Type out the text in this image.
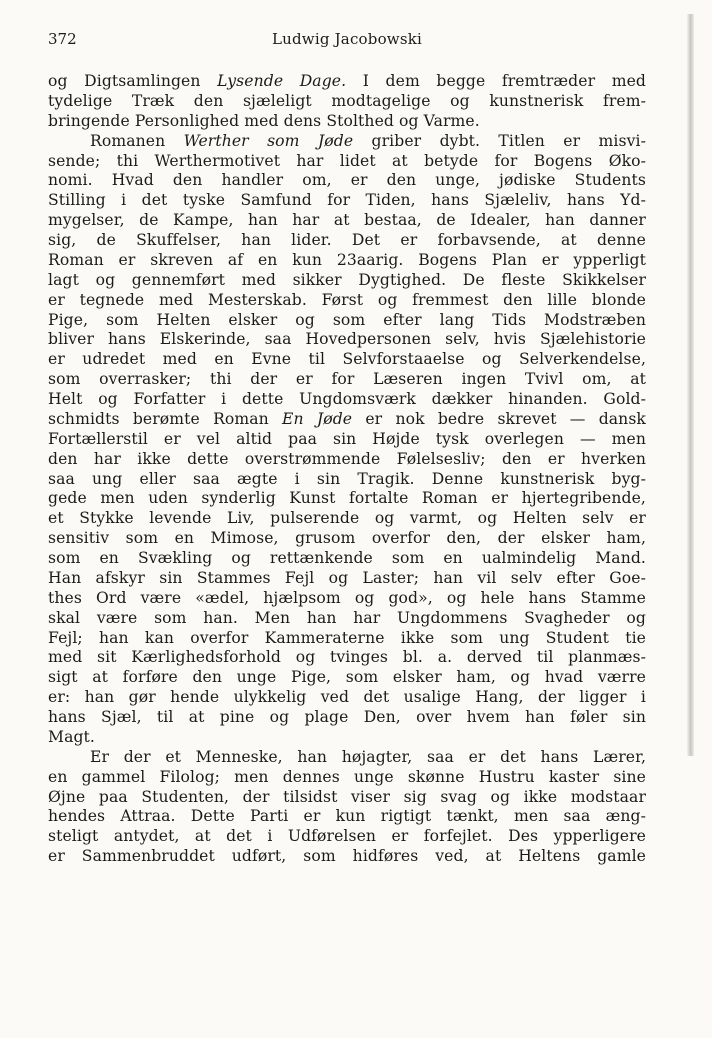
372	Ludwig Jacobowski
og Digtsamlingen Lysende Dage. I dem begge fremtræder med
tydelige Træk den sjæleligt modtagelige og kunstnerisk frem-
bringende Personlighed med dens Stolthed og Varme.
Romanen Werther som Jøde griber dybt. Titlen er misvi-
sende; thi Werthermotivet har lidet at betyde for Bogens Øko-
nomi. Hvad den handler om, er den unge, jødiske Students
Stilling i det tyske Samfund for Tiden, hans Sjæleliv, hans Yd-
mygelser, de Kampe, han har at bestaa, de Idealer, han danner
sig, de Skuffelser, han lider. Det er forbavsende, at denne
Roman er skreven af en kun 23aarig. Bogens Plan er ypperligt
lagt og gennemført med sikker Dygtighed. De fleste Skikkelser
er tegnede med Mesterskab. Først og fremmest den lille blonde
Pige, som Helten elsker og som efter lang Tids Modstræben
bliver hans Elskerinde, saa Hovedpersonen selv, hvis Sjælehistorie
er udredet med en Evne til Selvforstaaelse og Selverkendelse,
som overrasker; thi der er for Læseren ingen Tvivl om, at
Helt og Forfatter i dette Ungdomsværk dækker hinanden. Gold-
schmidts berømte Roman En Jøde er nok bedre skrevet — dansk
Fortællerstil er vel altid paa sin Højde tysk overlegen — men
den har ikke dette overstrømmende Følelsesliv; den er hverken
saa ung eller saa ægte i sin Tragik. Denne kunstnerisk byg-
gede men uden synderlig Kunst fortalte Roman er hjertegribende,
et Stykke levende Liv, pulserende og varmt, og Helten selv er
sensitiv som en Mimose, grusom overfor den, der elsker ham,
som en Svækling og rettænkende som en ualmindelig Mand.
Han afskyr sin Stammes Fejl og Laster; han vil selv efter Goe-
thes Ord være «ædel, hjælpsom og god», og hele hans Stamme
skal være som han. Men han har Ungdommens Svagheder og
Fejl; han kan overfor Kammeraterne ikke som ung Student tie
med sit Kærlighedsforhold og tvinges bl. a. derved til planmæs-
sigt at forføre den unge Pige, som elsker ham, og hvad værre
er: han gør hende ulykkelig ved det usalige Hang, der ligger i
hans Sjæl, til at pine og plage Den, over hvem han føler sin
Magt.
Er der et Menneske, han højagter, saa er det hans Lærer,
en gammel Filolog; men dennes unge skønne Hustru kaster sine
Øjne paa Studenten, der tilsidst viser sig svag og ikke modstaar
hendes Attraa. Dette Parti er kun rigtigt tænkt, men saa æng-
steligt antydet, at det i Udførelsen er forfejlet. Des ypperligere
er Sammenbruddet udført, som hidføres ved, at Heltens gamle
